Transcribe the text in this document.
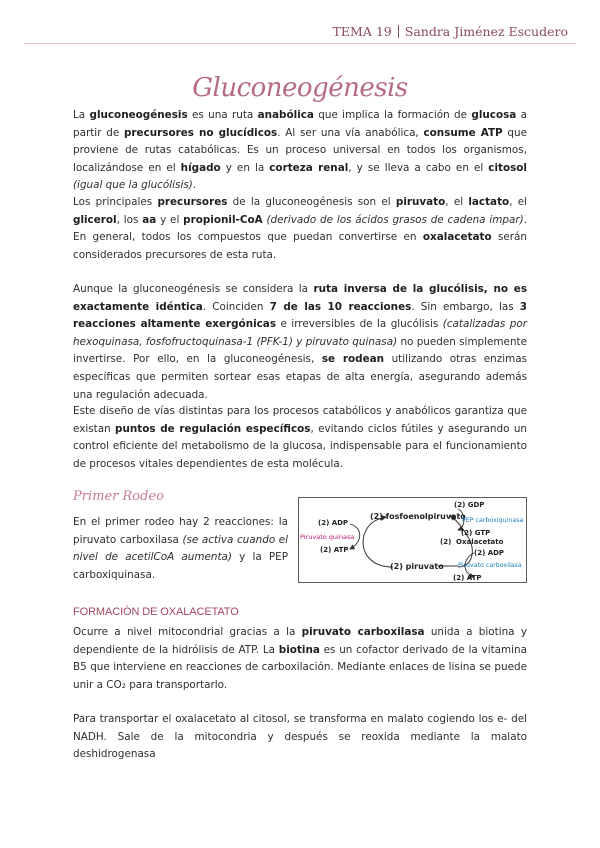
TEMA 19 Sandra Jiménez Escudero
Gluconeogénesis
La gluconeogénesis es una ruta anabólica que implica la formación de glucosa a partir de precursores no glucídicos. Al ser una vía anabólica, consume ATP que proviene de rutas catabólicas. Es un proceso universal en todos los organismos, localizándose en el hígado y en la corteza renal, y se lleva a cabo en el citosol (igual que la glucólisis).
Los principales precursores de la gluconeogénesis son el piruvato, el lactato, el glicerol, los aa y el propionil-CoA (derivado de los ácidos grasos de cadena impar). En general, todos los compuestos que puedan convertirse en oxalacetato serán considerados precursores de esta ruta.
Aunque la gluconeogénesis se considera la ruta inversa de la glucólisis, no es exactamente idéntica. Coinciden 7 de las 10 reacciones. Sin embargo, las 3 reacciones altamente exergónicas e irreversibles de la glucólisis (catalizadas por hexoquinasa, fosfofructoquinasa-1 (PFK-1) y piruvato quinasa) no pueden simplemente invertirse. Por ello, en la gluconeogénesis, se rodean utilizando otras enzimas específicas que permiten sortear esas etapas de alta energía, asegurando además una regulación adecuada.
Este diseño de vías distintas para los procesos catabólicos y anabólicos garantiza que existan puntos de regulación específicos, evitando ciclos fútiles y asegurando un control eficiente del metabolismo de la glucosa, indispensable para el funcionamiento de procesos vitales dependientes de esta molécula.
Primer Rodeo
En el primer rodeo hay 2 reacciones: la piruvato carboxilasa (se activa cuando el nivel de acetilCoA aumenta) y la PEP carboxiquinasa.
(2) fosfoenolpiruvato
(2) ADP
(2) ATP
Piruvato quinasa
(2) piruvato
(2) GDP
PEP carboxiquinasa
(2) GTP
(2) Oxalacetato
(2) ADP
Piruvato carboxilasa
(2) ATP
FORMACIÓN DE OXALACETATO
Ocurre a nivel mitocondrial gracias a la piruvato carboxilasa unida a biotina y dependiente de la hidrólisis de ATP. La biotina es un cofactor derivado de la vitamina B5 que interviene en reacciones de carboxilación. Mediante enlaces de lisina se puede unir a CO₂ para transportarlo.
Para transportar el oxalacetato al citosol, se transforma en malato cogiendo los e- del NADH. Sale de la mitocondria y después se reoxida mediante la malato deshidrogenasa
